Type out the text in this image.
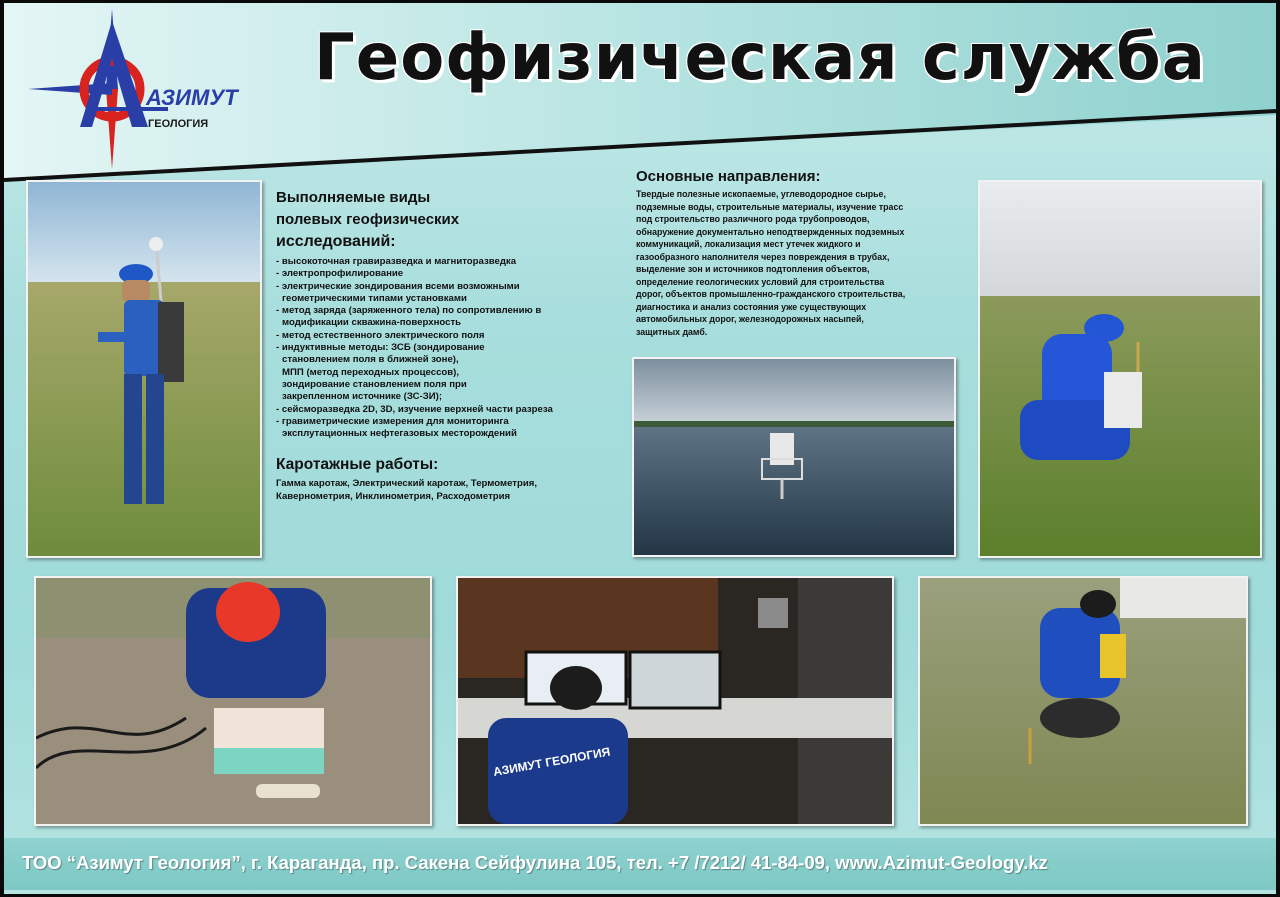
АЗИМУТ
ГЕОЛОГИЯ
Геофизическая служба
Выполняемые виды
полевых геофизических
исследований:
- высокоточная гравиразведка и магниторазведка
- электропрофилирование
- электрические зондирования всеми возможными
геометрическими типами установками
- метод заряда (заряженного тела) по сопротивлению в
модификации скважина-поверхность
- метод естественного электрического поля
- индуктивные методы: ЗСБ (зондирование
становлением поля в ближней зоне),
МПП (метод переходных процессов),
зондирование становлением поля при
закрепленном источнике (ЗС-ЗИ);
- сейсморазведка 2D, 3D, изучение верхней части разреза
- гравиметрические измерения для мониторинга
эксплутационных нефтегазовых месторождений
Каротажные работы:
Гамма каротаж, Электрический каротаж, Термометрия,
Кавернометрия, Инклинометрия, Расходометрия
Основные направления:
Твердые полезные ископаемые, углеводородное сырье,
подземные воды, строительные материалы, изучение трасс
под строительство различного рода трубопроводов,
обнаружение документально неподтвержденных подземных
коммуникаций, локализация мест утечек жидкого и
газообразного наполнителя через повреждения в трубах,
выделение зон и источников подтопления объектов,
определение геологических условий для строительства
дорог, объектов промышленно-гражданского строительства,
диагностика и анализ состояния уже существующих
автомобильных дорог, железнодорожных насыпей,
защитных дамб.
АЗИМУТ ГЕОЛОГИЯ
ТОО “Азимут Геология”, г. Караганда, пр. Сакена Сейфулина 105, тел. +7 /7212/ 41-84-09, www.Azimut-Geology.kz
